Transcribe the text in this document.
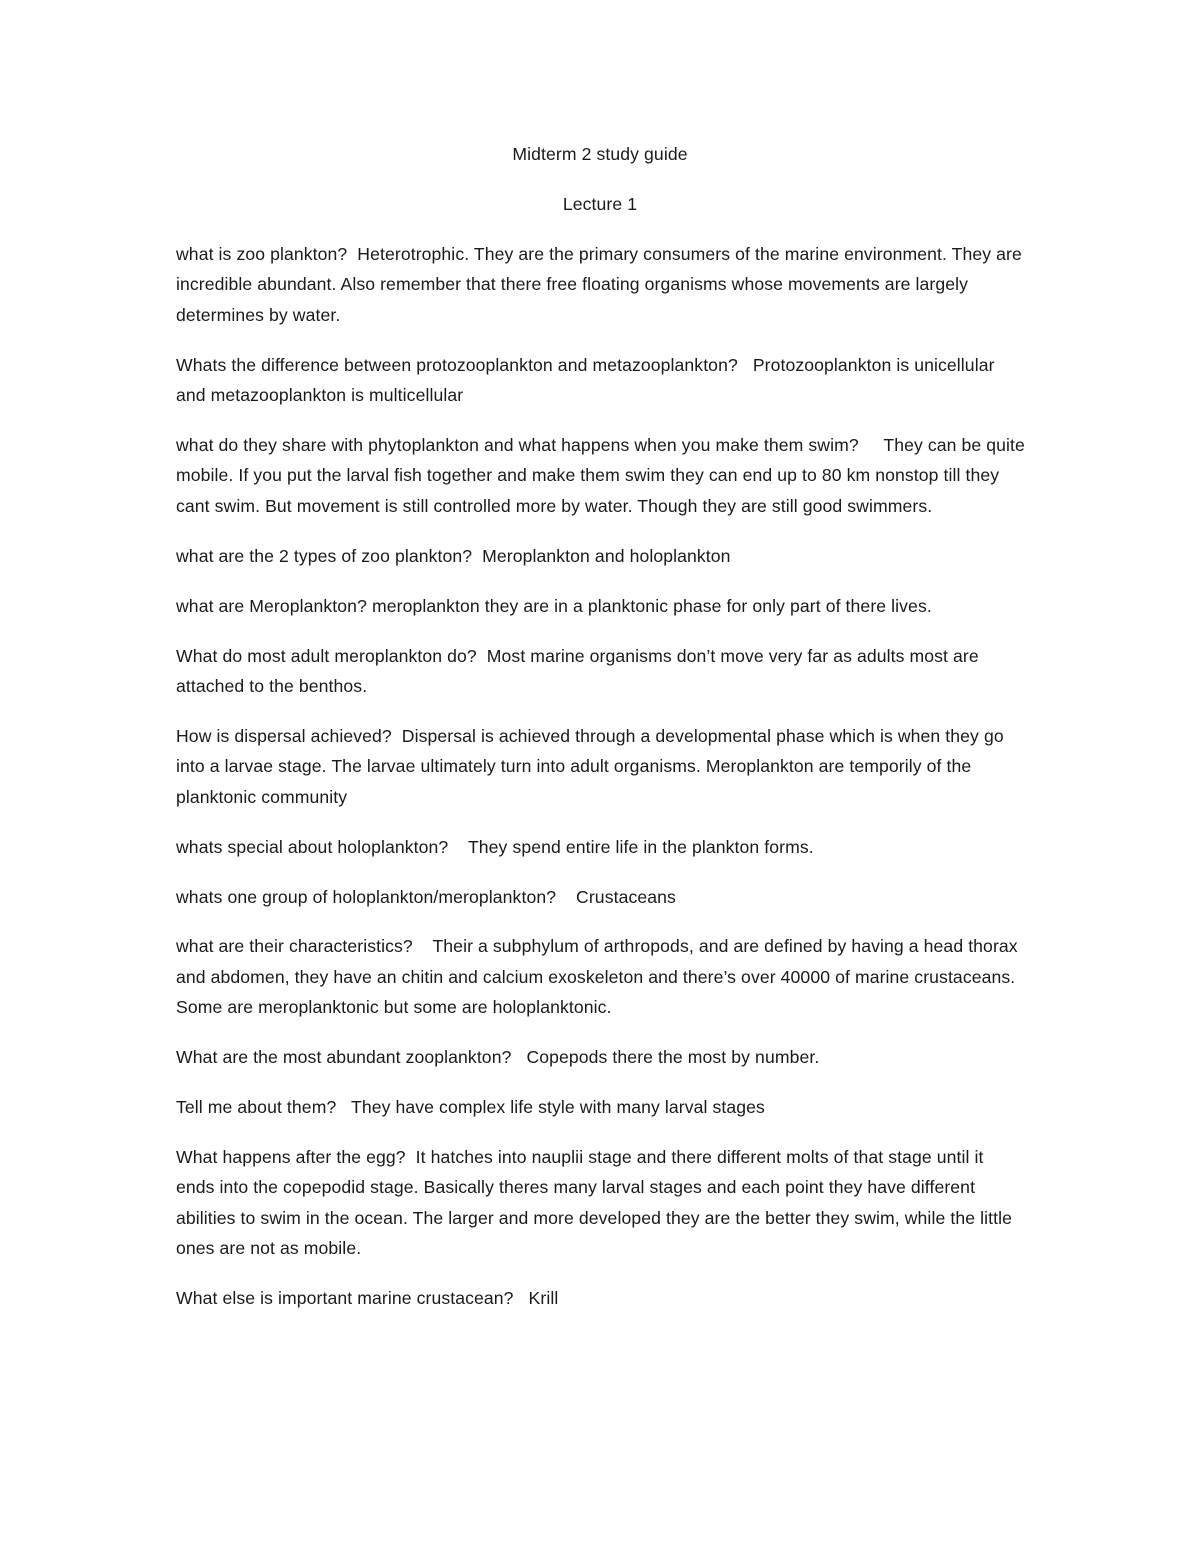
Midterm 2 study guide
Lecture 1

what is zoo plankton? Heterotrophic. They are the primary consumers of the marine environment. They are incredible abundant. Also remember that there free floating organisms whose movements are largely determines by water.

Whats the difference between protozooplankton and metazooplankton? Protozooplankton is unicellular and metazooplankton is multicellular

what do they share with phytoplankton and what happens when you make them swim? They can be quite mobile. If you put the larval fish together and make them swim they can end up to 80 km nonstop till they cant swim. But movement is still controlled more by water. Though they are still good swimmers.

what are the 2 types of zoo plankton? Meroplankton and holoplankton

what are Meroplankton? meroplankton they are in a planktonic phase for only part of there lives.

What do most adult meroplankton do? Most marine organisms don’t move very far as adults most are attached to the benthos.

How is dispersal achieved? Dispersal is achieved through a developmental phase which is when they go into a larvae stage. The larvae ultimately turn into adult organisms. Meroplankton are temporily of the planktonic community

whats special about holoplankton? They spend entire life in the plankton forms.

whats one group of holoplankton/meroplankton? Crustaceans

what are their characteristics? Their a subphylum of arthropods, and are defined by having a head thorax and abdomen, they have an chitin and calcium exoskeleton and there’s over 40000 of marine crustaceans. Some are meroplanktonic but some are holoplanktonic.

What are the most abundant zooplankton? Copepods there the most by number.

Tell me about them? They have complex life style with many larval stages

What happens after the egg? It hatches into nauplii stage and there different molts of that stage until it ends into the copepodid stage. Basically theres many larval stages and each point they have different abilities to swim in the ocean. The larger and more developed they are the better they swim, while the little ones are not as mobile.

What else is important marine crustacean? Krill
